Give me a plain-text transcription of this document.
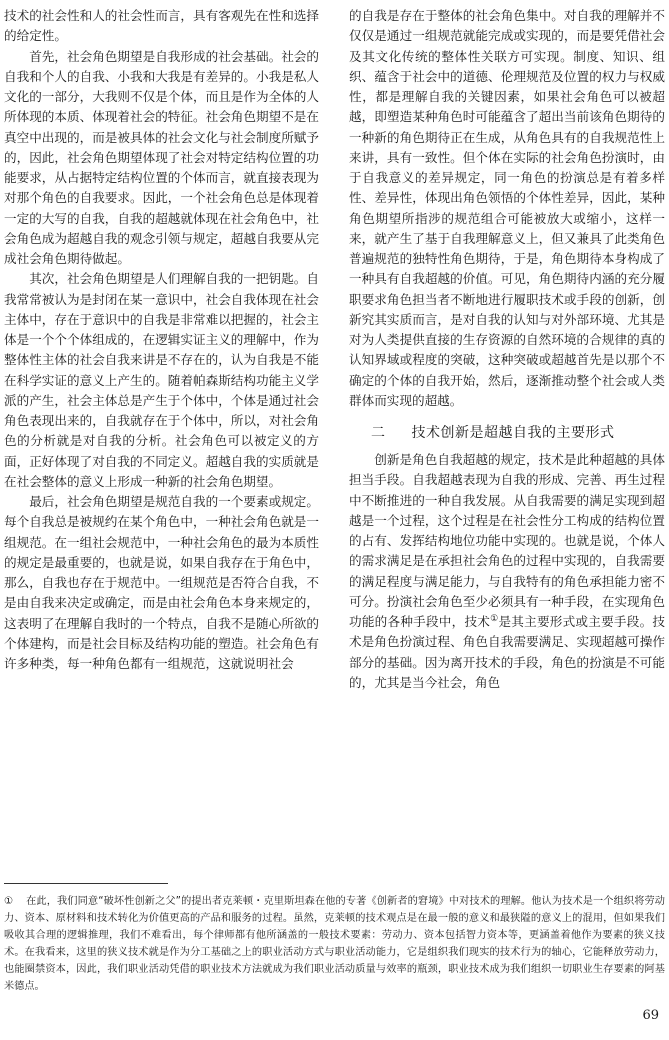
技术的社会性和人的社会性而言，具有客观先在性和选择的给定性。

首先，社会角色期望是自我形成的社会基础。社会的自我和个人的自我、小我和大我是有差异的。小我是私人文化的一部分，大我则不仅是个体，而且是作为全体的人所体现的本质、体现着社会的特征。社会角色期望不是在真空中出现的，而是被具体的社会文化与社会制度所赋予的，因此，社会角色期望体现了社会对特定结构位置的功能要求，从占据特定结构位置的个体而言，就直接表现为对那个角色的自我要求。因此，一个社会角色总是体现着一定的大写的自我，自我的超越就体现在社会角色中，社会角色成为超越自我的观念引领与规定，超越自我要从完成社会角色期待做起。

其次，社会角色期望是人们理解自我的一把钥匙。自我常常被认为是封闭在某一意识中，社会自我体现在社会主体中，存在于意识中的自我是非常难以把握的，社会主体是一个个个体组成的，在逻辑实证主义的理解中，作为整体性主体的社会自我来讲是不存在的，认为自我是不能在科学实证的意义上产生的。随着帕森斯结构功能主义学派的产生，社会主体总是产生于个体中，个体是通过社会角色表现出来的，自我就存在于个体中，所以，对社会角色的分析就是对自我的分析。社会角色可以被定义的方面，正好体现了对自我的不同定义。超越自我的实质就是在社会整体的意义上形成一种新的社会角色期望。

最后，社会角色期望是规范自我的一个要素或规定。每个自我总是被规约在某个角色中，一种社会角色就是一组规范。在一组社会规范中，一种社会角色的最为本质性的规定是最重要的，也就是说，如果自我存在于角色中，那么，自我也存在于规范中。一组规范是否符合自我，不是由自我来决定或确定，而是由社会角色本身来规定的，这表明了在理解自我时的一个特点，自我不是随心所欲的个体建构，而是社会目标及结构功能的塑造。社会角色有许多种类，每一种角色都有一组规范，这就说明社会

的自我是存在于整体的社会角色集中。对自我的理解并不仅仅是通过一组规范就能完成或实现的，而是要凭借社会及其文化传统的整体性关联方可实现。制度、知识、组织、蕴含于社会中的道德、伦理规范及位置的权力与权威性，都是理解自我的关键因素，如果社会角色可以被超越，即塑造某种角色时可能蕴含了超出当前该角色期待的一种新的角色期待正在生成，从角色具有的自我规范性上来讲，具有一致性。但个体在实际的社会角色扮演时，由于自我意义的差异规定，同一角色的扮演总是有着多样性、差异性，体现出角色领悟的个体性差异，因此，某种角色期望所指涉的规范组合可能被放大或缩小，这样一来，就产生了基于自我理解意义上，但又兼具了此类角色普遍规范的独特性角色期待，于是，角色期待本身构成了一种具有自我超越的价值。可见，角色期待内涵的充分履职要求角色担当者不断地进行履职技术或手段的创新，创新究其实质而言，是对自我的认知与对外部环境、尤其是对为人类提供直接的生存资源的自然环境的合规律的真的认知界域或程度的突破，这种突破或超越首先是以那个不确定的个体的自我开始，然后，逐渐推动整个社会或人类群体而实现的超越。

二 技术创新是超越自我的主要形式

创新是角色自我超越的规定，技术是此种超越的具体担当手段。自我超越表现为自我的形成、完善、再生过程中不断推进的一种自我发展。从自我需要的满足实现到超越是一个过程，这个过程是在社会性分工构成的结构位置的占有、发挥结构地位功能中实现的。也就是说，个体人的需求满足是在承担社会角色的过程中实现的，自我需要的满足程度与满足能力，与自我特有的角色承担能力密不可分。扮演社会角色至少必须具有一种手段，在实现角色功能的各种手段中，技术①是其主要形式或主要手段。技术是角色扮演过程、角色自我需要满足、实现超越可操作部分的基础。因为离开技术的手段，角色的扮演是不可能的，尤其是当今社会，角色

① 在此，我们同意“破坏性创新之父”的提出者克莱顿・克里斯坦森在他的专著《创新者的窘境》中对技术的理解。他认为技术是一个组织将劳动力、资本、原材料和技术转化为价值更高的产品和服务的过程。虽然，克莱顿的技术观点是在最一般的意义和最狭隘的意义上的混用，但如果我们吸收其合理的逻辑推理，我们不难看出，每个律师都有他所涵盖的一般技术要素：劳动力、资本包括智力资本等，更涵盖着他作为要素的狭义技术。在我看来，这里的狭义技术就是作为分工基础之上的职业活动方式与职业活动能力，它是组织我们现实的技术行为的轴心，它能释放劳动力，也能圈禁资本，因此，我们职业活动凭借的职业技术方法就成为我们职业活动质量与效率的瓶颈，职业技术成为我们组织一切职业生存要素的阿基米德点。
69
